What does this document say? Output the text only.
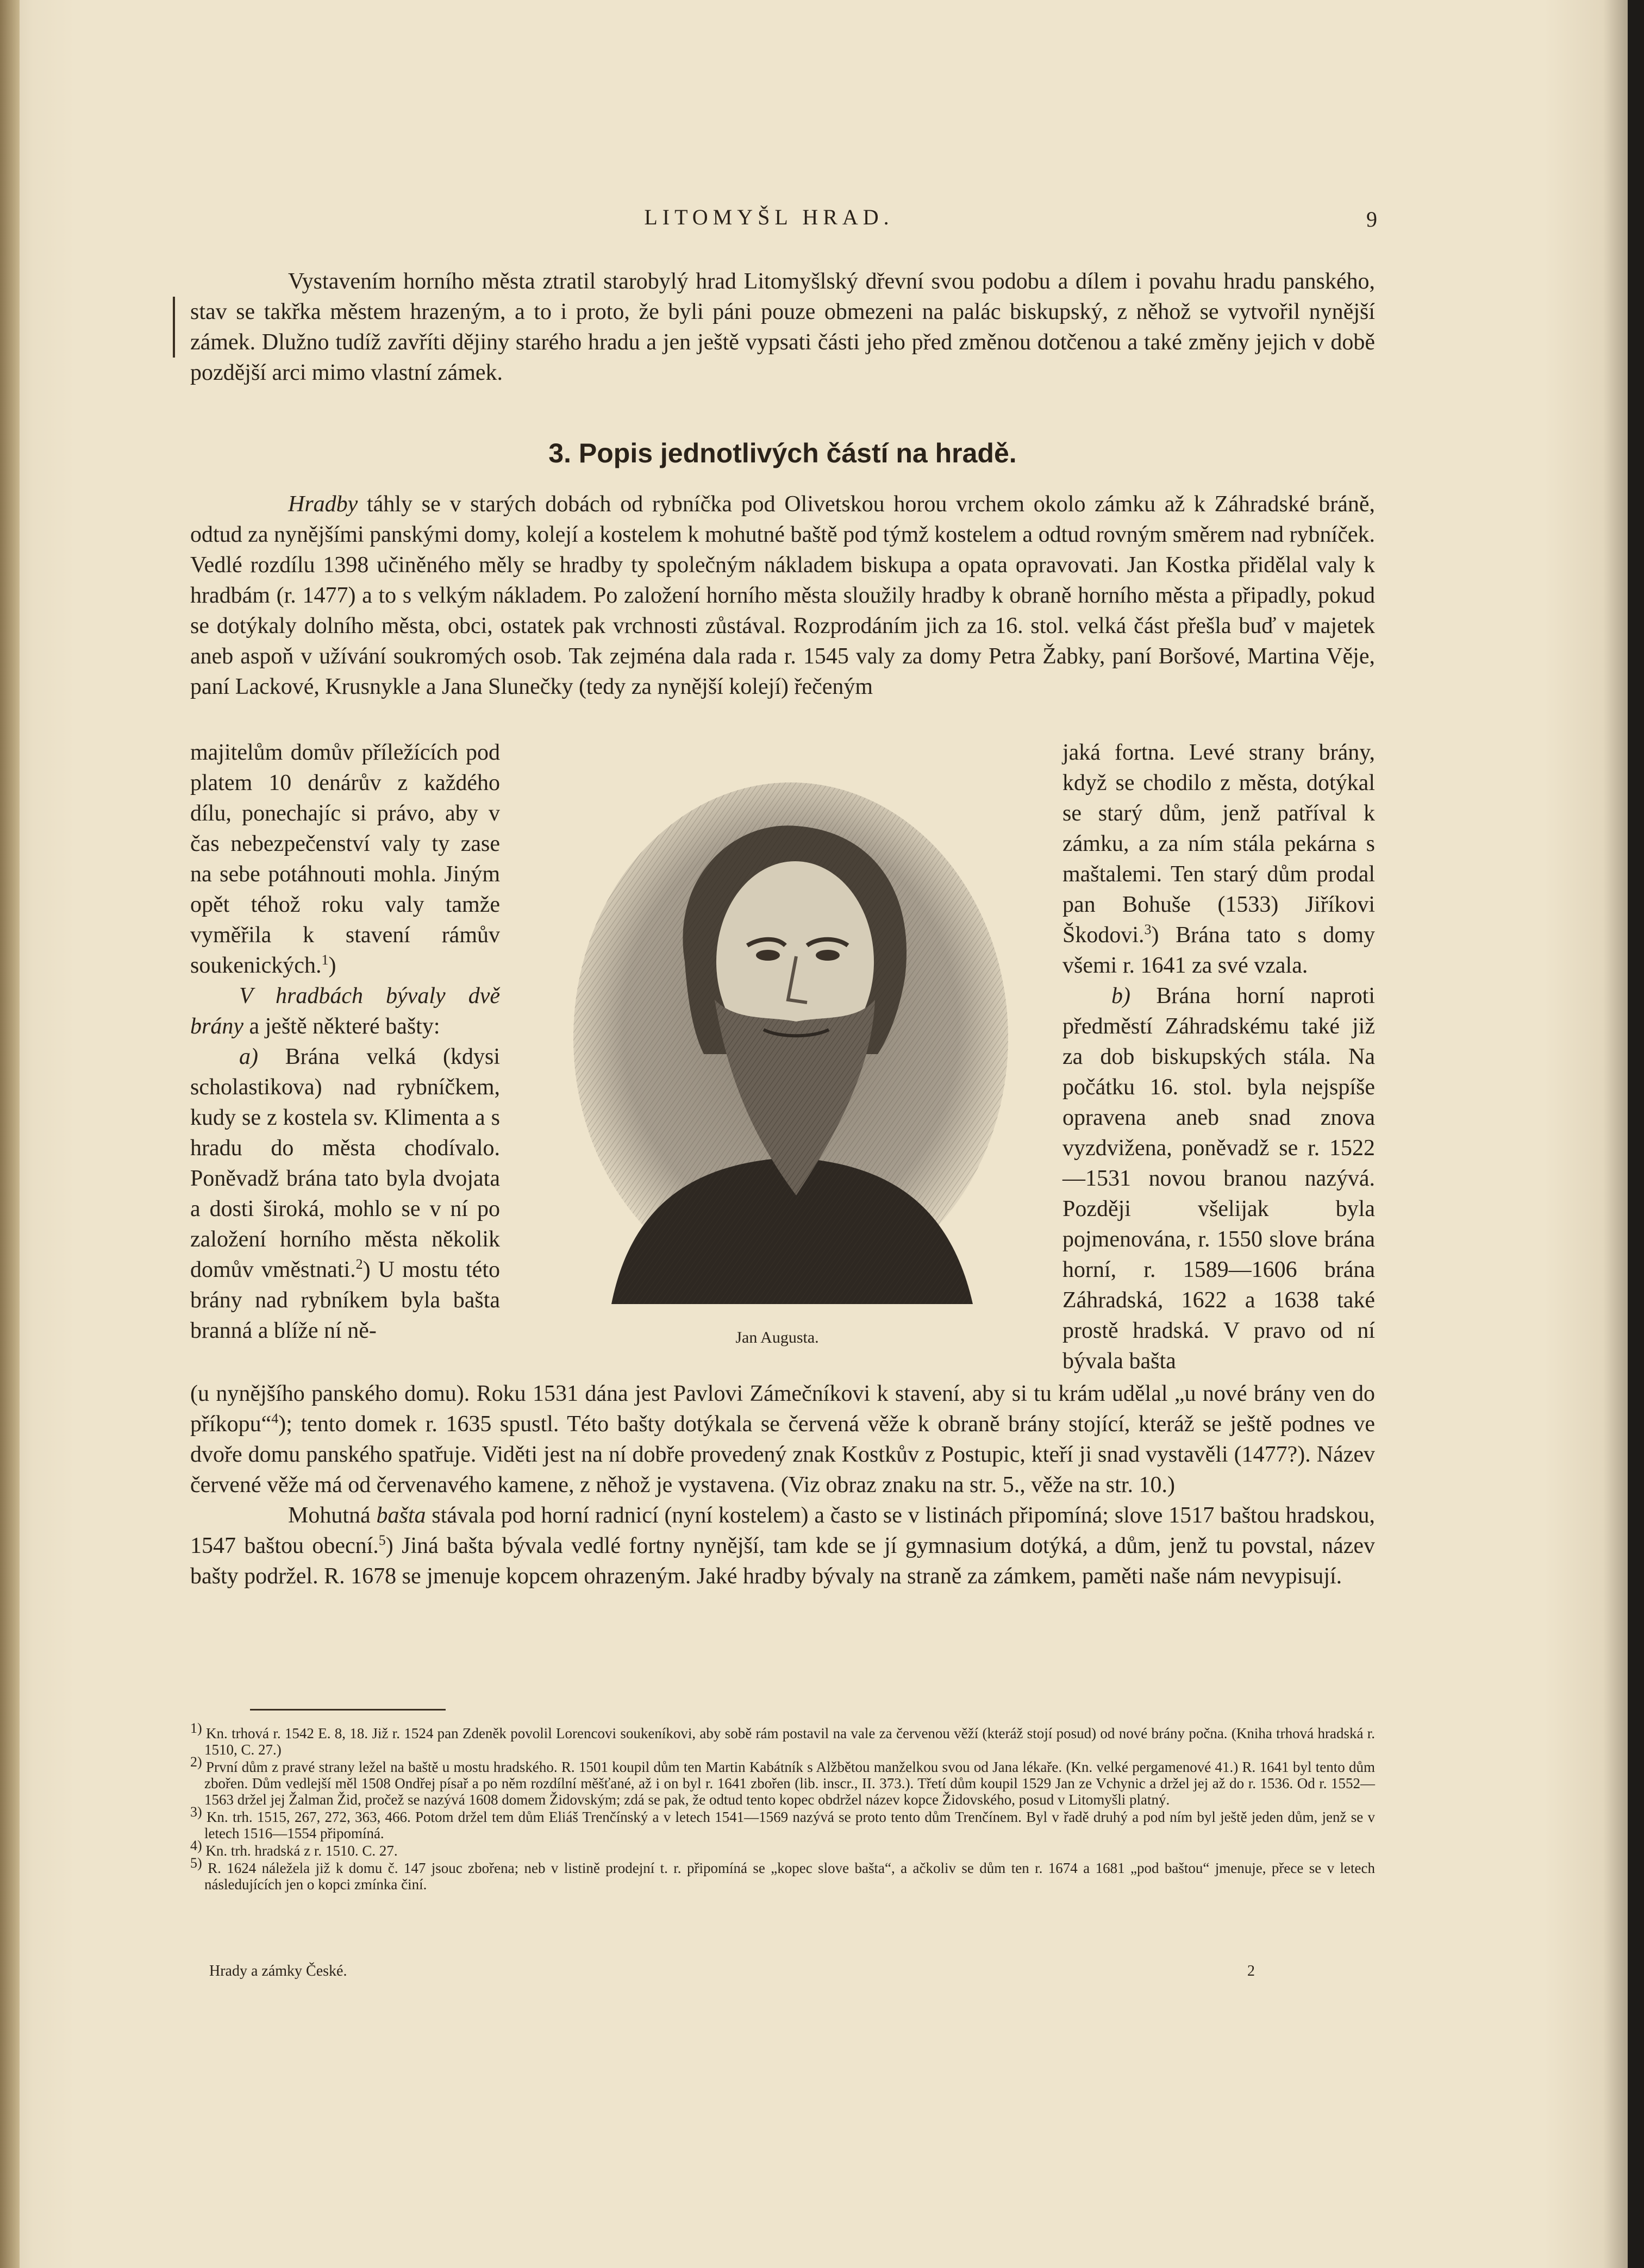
LITOMYŠL HRAD.	9

Vystavením horního města ztratil starobylý hrad Litomyšlský dřevní svou podobu a dílem i povahu hradu panského, stav se takřka městem hrazeným, a to i proto, že byli páni pouze obmezeni na palác biskupský, z něhož se vytvořil nynější zámek. Dlužno tudíž zavříti dějiny starého hradu a jen ještě vypsati části jeho před změnou dotčenou a také změny jejich v době pozdější arci mimo vlastní zámek.

3. Popis jednotlivých částí na hradě.

Hradby táhly se v starých dobách od rybníčka pod Olivetskou horou vrchem okolo zámku až k Záhradské bráně, odtud za nynějšími panskými domy, kolejí a kostelem k mohutné baště pod týmž kostelem a odtud rovným směrem nad rybníček. Vedlé rozdílu 1398 učiněného měly se hradby ty společným nákladem biskupa a opata opravovati. Jan Kostka přidělal valy k hradbám (r. 1477) a to s velkým nákladem. Po založení horního města sloužily hradby k obraně horního města a připadly, pokud se dotýkaly dolního města, obci, ostatek pak vrchnosti zůstával. Rozprodáním jich za 16. stol. velká část přešla buď v majetek aneb aspoň v užívání soukromých osob. Tak zejména dala rada r. 1545 valy za domy Petra Žabky, paní Boršové, Martina Věje, paní Lackové, Krusnykle a Jana Slunečky (tedy za nynější kolejí) řečeným

majitelům domův příležících pod platem 10 denárův z každého dílu, ponechajíc si právo, aby v čas nebezpečenství valy ty zase na sebe potáhnouti mohla. Jiným opět téhož roku valy tamže vyměřila k stavení rámův soukenických.$^1$)

V hradbách bývaly dvě brány a ještě některé bašty:

a) Brána velká (kdysi scholastikova) nad rybníčkem, kudy se z kostela sv. Klimenta a s hradu do města chodívalo. Poněvadž brána tato byla dvojata a dosti široká, mohlo se v ní po založení horního města několik domův vměstnati.$^2$) U mostu této brány nad rybníkem byla bašta branná a blíže ní ně-	Jan Augusta.

jaká fortna. Levé strany brány, když se chodilo z města, dotýkal se starý dům, jenž patříval k zámku, a za ním stála pekárna s maštalemi. Ten starý dům prodal pan Bohuše (1533) Jiříkovi Škodovi.$^3$) Brána tato s domy všemi r. 1641 za své vzala.

b) Brána horní naproti předměstí Záhradskému také již za dob biskupských stála. Na počátku 16. stol. byla nejspíše opravena aneb snad znova vyzdvižena, poněvadž se r. 1522—1531 novou branou nazývá. Později všelijak byla pojmenována, r. 1550 slove brána horní, r. 1589—1606 brána Záhradská, 1622 a 1638 také prostě hradská. V pravo od ní bývala bašta

(u nynějšího panského domu). Roku 1531 dána jest Pavlovi Zámečníkovi k stavení, aby si tu krám udělal „u nové brány ven do příkopu“$^4$); tento domek r. 1635 spustl. Této bašty dotýkala se červená věže k obraně brány stojící, kteráž se ještě podnes ve dvoře domu panského spatřuje. Viděti jest na ní dobře provedený znak Kostkův z Postupic, kteří ji snad vystavěli (1477?). Název červené věže má od červenavého kamene, z něhož je vystavena. (Viz obraz znaku na str. 5., věže na str. 10.)

Mohutná bašta stávala pod horní radnicí (nyní kostelem) a často se v listinách připomíná; slove 1517 baštou hradskou, 1547 baštou obecní.$^5$) Jiná bašta bývala vedlé fortny nynější, tam kde se jí gymnasium dotýká, a dům, jenž tu povstal, název bašty podržel. R. 1678 se jmenuje kopcem ohrazeným. Jaké hradby bývaly na straně za zámkem, paměti naše nám nevypisují.

$^{1)}$ Kn. trhová r. 1542 E. 8, 18. Již r. 1524 pan Zdeněk povolil Lorencovi soukeníkovi, aby sobě rám postavil na vale za červenou věží (kteráž stojí posud) od nové brány počna. (Kniha trhová hradská r. 1510, C. 27.)

$^{2)}$ První dům z pravé strany ležel na baště u mostu hradského. R. 1501 koupil dům ten Martin Kabátník s Alžbětou manželkou svou od Jana lékaře. (Kn. velké pergamenové 41.) R. 1641 byl tento dům zbořen. Dům vedlejší měl 1508 Ondřej písař a po něm rozdílní měšťané, až i on byl r. 1641 zbořen (lib. inscr., II. 373.). Třetí dům koupil 1529 Jan ze Vchynic a držel jej až do r. 1536. Od r. 1552—1563 držel jej Žalman Žid, pročež se nazývá 1608 domem Židovským; zdá se pak, že odtud tento kopec obdržel název kopce Židovského, posud v Litomyšli platný.

$^{3)}$ Kn. trh. 1515, 267, 272, 363, 466. Potom držel tem dům Eliáš Trenčínský a v letech 1541—1569 nazývá se proto tento dům Trenčínem. Byl v řadě druhý a pod ním byl ještě jeden dům, jenž se v letech 1516—1554 připomíná.

$^{4)}$ Kn. trh. hradská z r. 1510. C. 27.

$^{5)}$ R. 1624 náležela již k domu č. 147 jsouc zbořena; neb v listině prodejní t. r. připomíná se „kopec slove bašta“, a ačkoliv se dům ten r. 1674 a 1681 „pod baštou“ jmenuje, přece se v letech následujících jen o kopci zmínka činí.

Hrady a zámky České.	2
